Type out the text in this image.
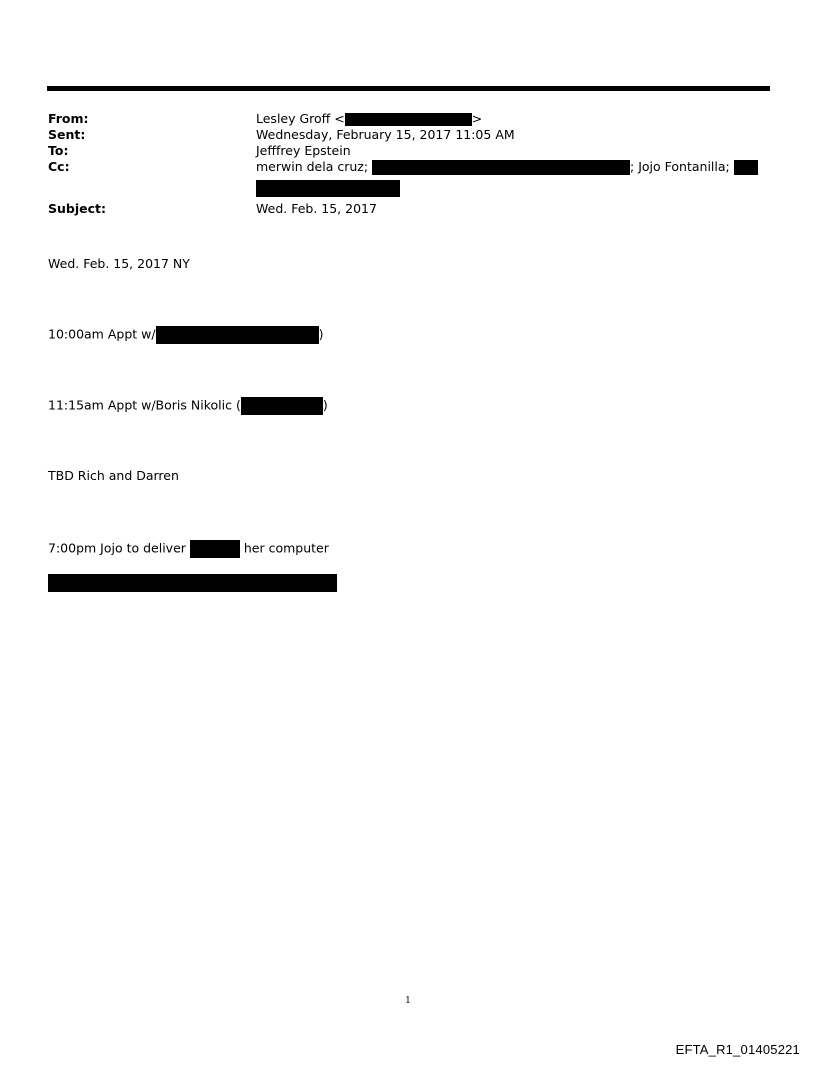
From:	Lesley Groff <	>
Sent:	Wednesday, February 15, 2017 11:05 AM
To:	Jefffrey Epstein
Cc:	merwin dela cruz;	; Jojo Fontanilla;
Subject:	Wed. Feb. 15, 2017
Wed. Feb. 15, 2017 NY
10:00am Appt w/	)
11:15am Appt w/Boris Nikolic (	)
TBD Rich and Darren
7:00pm Jojo to deliver	her computer
1
EFTA_R1_01405221
